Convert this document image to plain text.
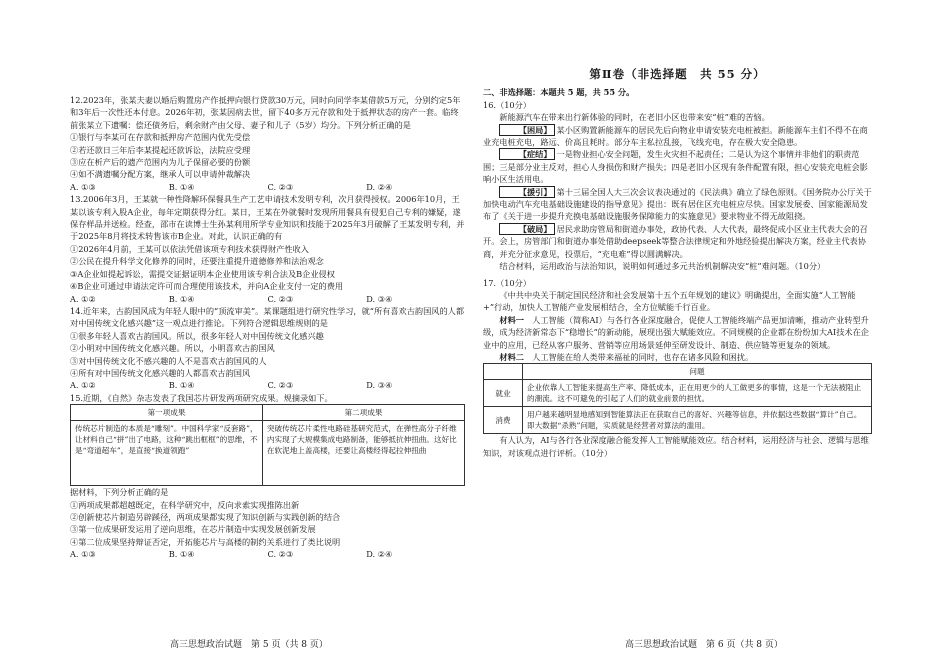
12.2023年，张某夫妻以婚后购置房产作抵押向银行贷款30万元，同时向同学李某借款5万元，分别约定5年和3年后一次性还本付息。2026年初，张某因病去世，留下40多万元存款和处于抵押状态的房产一套。临终前张某立下遗嘱：偿还债务后，剩余财产由父母、妻子和儿子（5岁）均分。下列分析正确的是

①银行与李某可在存款和抵押房产范围内优先受偿

②若还款日三年后李某提起还款诉讼，法院应受理

③应在析产后的遗产范围内为儿子保留必要的份额

④如不满遗嘱分配方案，继承人可以申请仲裁解决

A. ①③	B. ①④	C. ②③	D. ②④

13.2006年3月，王某就一种性降解环保餐具生产工艺申请技术发明专利，次月获得授权。2006年10月，王某以该专利入股A企业，每年定期获得分红。某日，王某在外就餐时发现所用餐具有侵犯自己专利的嫌疑，遂保存样品并送检。经查，邵市在读博士生孙某利用所学专业知识和技能于2025年3月破解了王某发明专利，并于2025年8月将技术转售该市B企业。对此，认识正确的有

①2026年4月前，王某可以依法凭借该项专利技术获得财产性收入

②公民在提升科学文化修养的同时，还要注重提升道德修养和法治观念

③A企业如提起诉讼，需提交证据证明本企业使用该专利合法及B企业侵权

④B企业可通过申请法定许可而合理使用该技术，并向A企业支付一定的费用

A. ①②	B. ①④	C. ②③	D. ③④

14.近年来，古韵国风成为年轻人眼中的“顶流审美”。某课题组进行研究性学习，就“所有喜欢古韵国风的人都对中国传统文化感兴趣”这一观点进行推论。下列符合逻辑思维规则的是

①很多年轻人喜欢古韵国风。所以，很多年轻人对中国传统文化感兴趣

②小明对中国传统文化感兴趣。所以，小明喜欢古韵国风

③对中国传统文化不感兴趣的人不是喜欢古韵国风的人

④所有对中国传统文化感兴趣的人都喜欢古韵国风

A. ①②	B. ①④	C. ②③	D. ③④

15.近期，《自然》杂志发表了我国芯片研发两项研究成果。规摘录如下。

第一项成果	第二项成果
传统芯片制造的本质是“雕刻”。中国科学家“反套路”，让材料自己“拼”出了电路，这种“跳出框框”的思维，不是“弯道超车”，是直接“换道领跑”	突破传统芯片柔性电路硅基研究范式，在弹性高分子纤维内实现了大规模集成电路制备，能够抵抗伸扭曲。这好比在软泥地上盖高楼，还要让高楼经得起拉伸扭曲

据材料，下列分析正确的是

①两项成果都超越既定，在科学研究中，反向求索实现推陈出新

②创新使芯片制造另辟蹊径，两项成果都实现了知识创新与实践创新的结合

③第一位成果研发运用了逆向思维，在芯片制造中实现发展创新发展

④第二位成果坚持辩证否定，开拓能芯片与高楼的制约关系进行了类比说明

A. ①③	B. ①④	C. ②③	D. ②④
高三思想政治试题　第 5 页（共 8 页）
第Ⅱ卷（非选择题　共 55 分）

二、非选择题：本题共 5 题，共 55 分。

16.（10分）

新能源汽车在带来出行新体验的同时，在老旧小区也带来安“桩”难的苦恼。

【困局】 某小区购置新能源车的居民先后向物业申请安装充电桩被拒。新能源车主们不得不在商业充电桩充电，路远、价高且耗时。部分车主私拉乱接，飞线充电，存在极大安全隐患。

【症结】 一是物业担心安全问题，发生火灾担不起责任；二是认为这个事情并非他们的职责范围；三是部分业主反对，担心人身损伤和财产损失；四是老旧小区现有条件配置有限，担心安装充电桩会影响小区生活用电。

【援引】 第十三届全国人大三次会议表决通过的《民法典》确立了绿色原则。《国务院办公厅关于加快电动汽车充电基础设施建设的指导意见》提出：既有居住区充电桩应尽快。国家发展委、国家能源局发布了《关于进一步提升充换电基础设施服务保障能力的实施意见》要求物业不得无故阻挠。

【破局】 居民求助房管局和街道办事处，政协代表、人大代表，最终促成小区业主代表大会的召开。会上，房管部门和街道办事处借助deepseek等整合法律规定和外地经验提出解决方案，经业主代表协商，并充分征求意见，投票后，“充电难”得以圆满解决。

结合材料，运用政治与法治知识，说明如何通过多元共治机制解决安“桩”难问题。（10分）

17.（10分）

《中共中央关于制定国民经济和社会发展第十五个五年规划的建议》明确提出，全面实施“人工智能+”行动，加快人工智能产业发展相结合，全方位赋能千行百业。

材料一　 人工智能（简称AI）与各行各业深度融合，促使人工智能终端产品更加清晰，推动产业转型升级，成为经济新常态下“稳增长”的新动能，展现出强大赋能效应。不同规模的企业都在纷纷加大AI技术在企业中的应用，已经从客户服务、营销等应用场景延伸至研发设计、制造、供应链等更复杂的领域。

材料二　 人工智能在给人类带来福祉的同时，也存在诸多风险和困扰。

	问题
就业	企业依靠人工智能来提高生产率、降低成本，正在用更少的人工做更多的事情，这是一个无法被阻止的潮流。这不可避免的引起了人们的就业前景的担忧。
消费	用户越来越明显地感知到智能算法正在获取自己的喜好、兴趣等信息，并依据这些数据“算计”自己。即大数据“杀熟”问题，实质就是经营者对算法的滥用。

有人认为，AI与各行各业深度融合能发挥人工智能赋能效应。结合材料，运用经济与社会、逻辑与思维知识，对该观点进行评析。（10分）

高三思想政治试题　第 6 页（共 8 页）
